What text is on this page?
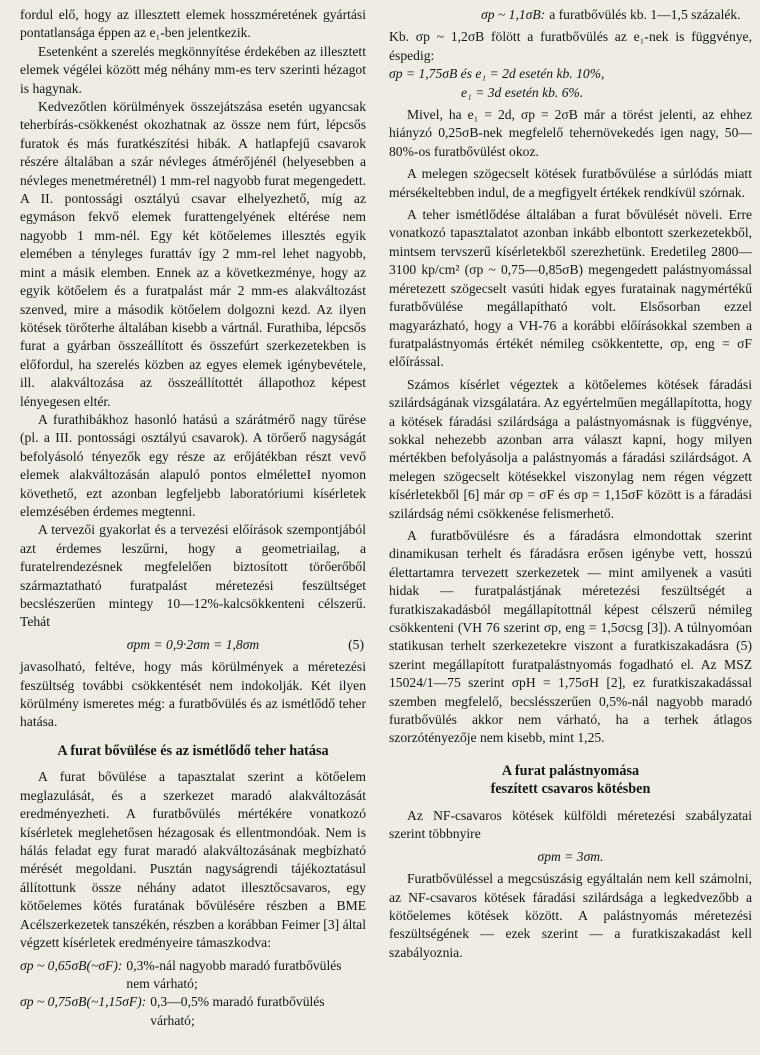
fordul elő, hogy az illesztett elemek hosszméretének gyártási pontatlansága éppen az e₁-ben jelentkezik.

Esetenként a szerelés megkönnyítése érdekében az illesztett elemek végélei között még néhány mm-es terv szerinti hézagot is hagynak.

Kedvezőtlen körülmények összejátszása esetén ugyancsak teherbírás-csökkenést okozhatnak az össze nem fúrt, lépcsős furatok és más furatkészítési hibák. A hatlapfejű csavarok részére általában a szár névleges átmérőjénél (helyesebben a névleges menetméretnél) 1 mm-rel nagyobb furat megengedett. A II. pontossági osztályú csavar elhelyezhető, míg az egymáson fekvő elemek furattengelyének eltérése nem nagyobb 1 mm-nél. Egy két kötőelemes illesztés egyik elemében a tényleges furattáv így 2 mm-rel lehet nagyobb, mint a másik elemben. Ennek az a következménye, hogy az egyik kötőelem és a furatpalást már 2 mm-es alakváltozást szenved, mire a második kötőelem dolgozni kezd. Az ilyen kötések törőterhe általában kisebb a vártnál. Furathiba, lépcsős furat a gyárban összeállított és összefúrt szerkezetekben is előfordul, ha szerelés közben az egyes elemek igénybevétele, ill. alakváltozása az összeállítottét állapothoz képest lényegesen eltér.

A furathibákhoz hasonló hatású a szárátmérő nagy tűrése (pl. a III. pontossági osztályú csavarok). A törőerő nagyságát befolyásoló tényezők egy része az erőjátékban részt vevő elemek alakváltozásán alapuló pontos elméletteI nyomon követhető, ezt azonban legfeljebb laboratóriumi kísérletek elemzésében érdemes megtenni.

A tervezői gyakorlat és a tervezési előírások szempontjából azt érdemes leszűrni, hogy a geometriailag, a furatelrendezésnek megfelelően biztosított törőerőből származtatható furatpalást méretezési feszültséget becslészerűen mintegy 10—12%-kalcsökkenteni célszerű. Tehát

σpm = 0,9·2σm = 1,8σm	(5)

javasolható, feltéve, hogy más körülmények a méretezési feszültség további csökkentését nem indokolják. Két ilyen körülmény ismeretes még: a furatbővülés és az ismétlődő teher hatása.

A furat bővülése és az ismétlődő teher hatása

A furat bővülése a tapasztalat szerint a kötőelem meglazulását, és a szerkezet maradó alakváltozását eredményezheti. A furatbővülés mértékére vonatkozó kísérletek meglehetősen hézagosak és ellentmondóak. Nem is hálás feladat egy furat maradó alakváltozásának megbízható mérését megoldani. Pusztán nagyságrendi tájékoztatásul állítottunk össze néhány adatot illesztőcsavaros, egy kötőelemes kötés furatának bővülésére részben a BME Acélszerkezetek tanszékén, részben a korábban Feimer [3] által végzett kísérletek eredményeire támaszkodva:

σp ~ 0,65σB(~σF): 0,3%-nál nagyobb maradó furatbővülés nem várható;
σp ~ 0,75σB(~1,15σF): 0,3—0,5% maradó furatbővülés várható;
σp ~ 1,1σB: a furatbővülés kb. 1—1,5 százalék.

Kb. σp ~ 1,2σB fölött a furatbővülés az e₁-nek is függvénye, éspedig:

σp = 1,75σB és e₁ = 2d esetén kb. 10%,
e₁ = 3d esetén kb. 6%.

Mivel, ha e₁ = 2d, σp = 2σB már a törést jelenti, az ehhez hiányzó 0,25σB-nek megfelelő tehernövekedés igen nagy, 50—80%-os furatbővülést okoz.

A melegen szögecselt kötések furatbővülése a súrlódás miatt mérsékeltebben indul, de a megfigyelt értékek rendkívül szórnak.

A teher ismétlődése általában a furat bővülését növeli. Erre vonatkozó tapasztalatot azonban inkább elbontott szerkezetekből, mintsem tervszerű kísérletekből szerezhetünk. Eredetileg 2800—3100 kp/cm² (σp ~ 0,75—0,85σB) megengedett palástnyomással méretezett szögecselt vasúti hidak egyes furatainak nagymértékű furatbővülése megállapítható volt. Elsősorban ezzel magyarázható, hogy a VH-76 a korábbi előírásokkal szemben a furatpalástnyomás értékét némileg csökkentette, σp, eng = σF előírással.

Számos kísérlet végeztek a kötőelemes kötések fáradási szilárdságának vizsgálatára. Az egyértelműen megállapította, hogy a kötések fáradási szilárdsága a palástnyomásnak is függvénye, sokkal nehezebb azonban arra választ kapni, hogy milyen mértékben befolyásolja a palástnyomás a fáradási szilárdságot. A melegen szögecselt kötésekkel viszonylag nem régen végzett kísérletekből [6] már σp = σF és σp = 1,15σF között is a fáradási szilárdság némi csökkenése felismerhető.

A furatbővülésre és a fáradásra elmondottak szerint dinamikusan terhelt és fáradásra erősen igénybe vett, hosszú élettartamra tervezett szerkezetek — mint amilyenek a vasúti hidak — furatpalástjának méretezési feszültségét a furatkiszakadásból megállapítottnál képest célszerű némileg csökkenteni (VH 76 szerint σp, eng = 1,5σcsg [3]). A túlnyomóan statikusan terhelt szerkezetekre viszont a furatkiszakadásra (5) szerint megállapított furatpalástnyomás fogadható el. Az MSZ 15024/1—75 szerint σpH = 1,75σH [2], ez furatkiszakadással szemben megfelelő, becslésszerűen 0,5%-nál nagyobb maradó furatbővülés akkor nem várható, ha a terhek átlagos szorzótényezője nem kisebb, mint 1,25.

A furat palástnyomása
feszített csavaros kötésben

Az NF-csavaros kötések külföldi méretezési szabályzatai szerint többnyire

σpm = 3σm.

Furatbővüléssel a megcsúszásig egyáltalán nem kell számolni, az NF-csavaros kötések fáradási szilárdsága a legkedvezőbb a kötőelemes kötések között. A palástnyomás méretezési feszültségének — ezek szerint — a furatkiszakadást kell szabályoznia.
